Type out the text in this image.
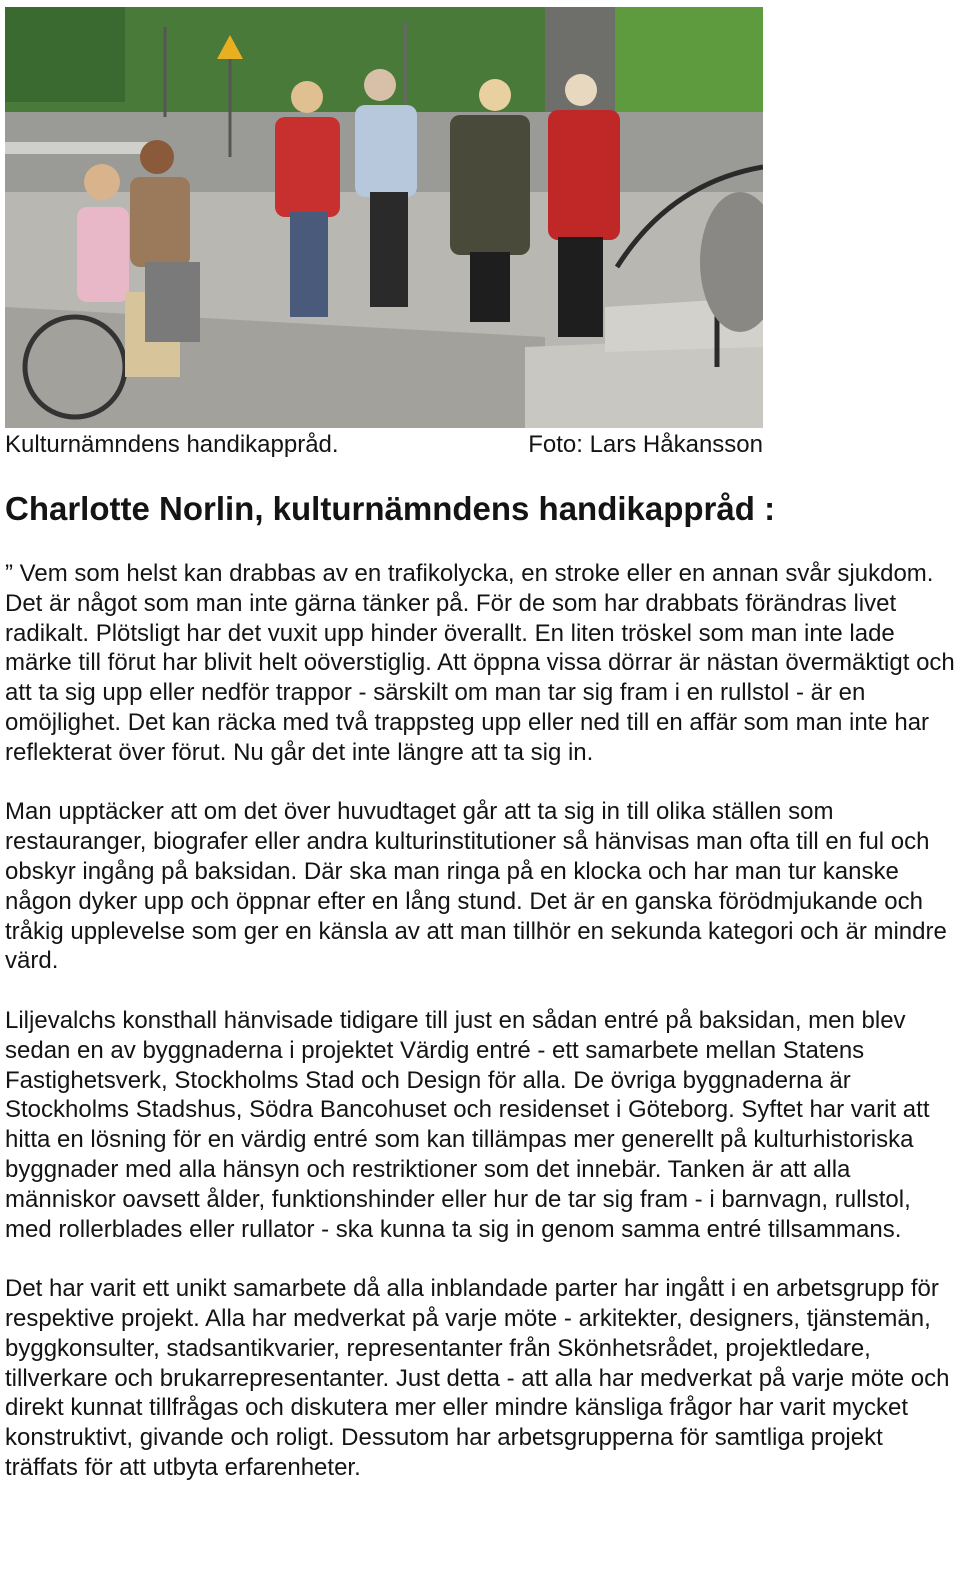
Kulturnämndens handikappråd.	Foto: Lars Håkansson
Charlotte Norlin, kulturnämndens handikappråd :

” Vem som helst kan drabbas av en trafikolycka, en stroke eller en annan svår sjukdom. Det är något som man inte gärna tänker på. För de som har drabbats förändras livet radikalt. Plötsligt har det vuxit upp hinder överallt. En liten tröskel som man inte lade märke till förut har blivit helt oöverstiglig. Att öppna vissa dörrar är nästan övermäktigt och att ta sig upp eller nedför trappor - särskilt om man tar sig fram i en rullstol - är en omöjlighet. Det kan räcka med två trappsteg upp eller ned till en affär som man inte har reflekterat över förut. Nu går det inte längre att ta sig in.

Man upptäcker att om det över huvudtaget går att ta sig in till olika ställen som restauranger, biografer eller andra kulturinstitutioner så hänvisas man ofta till en ful och obskyr ingång på baksidan. Där ska man ringa på en klocka och har man tur kanske någon dyker upp och öppnar efter en lång stund. Det är en ganska förödmjukande och tråkig upplevelse som ger en känsla av att man tillhör en sekunda kategori och är mindre värd.

Liljevalchs konsthall hänvisade tidigare till just en sådan entré på baksidan, men blev sedan en av byggnaderna i projektet Värdig entré - ett samarbete mellan Statens Fastighetsverk, Stockholms Stad och Design för alla. De övriga byggnaderna är Stockholms Stadshus, Södra Bancohuset och residenset i Göteborg. Syftet har varit att hitta en lösning för en värdig entré som kan tillämpas mer generellt på kulturhistoriska byggnader med alla hänsyn och restriktioner som det innebär. Tanken är att alla människor oavsett ålder, funktionshinder eller hur de tar sig fram - i barnvagn, rullstol, med rollerblades eller rullator - ska kunna ta sig in genom samma entré tillsammans.

Det har varit ett unikt samarbete då alla inblandade parter har ingått i en arbetsgrupp för respektive projekt. Alla har medverkat på varje möte - arkitekter, designers, tjänstemän, byggkonsulter, stadsantikvarier, representanter från Skönhetsrådet, projektledare, tillverkare och brukarrepresentanter. Just detta - att alla har medverkat på varje möte och direkt kunnat tillfrågas och diskutera mer eller mindre känsliga frågor har varit mycket konstruktivt, givande och roligt. Dessutom har arbetsgrupperna för samtliga projekt träffats för att utbyta erfarenheter.
